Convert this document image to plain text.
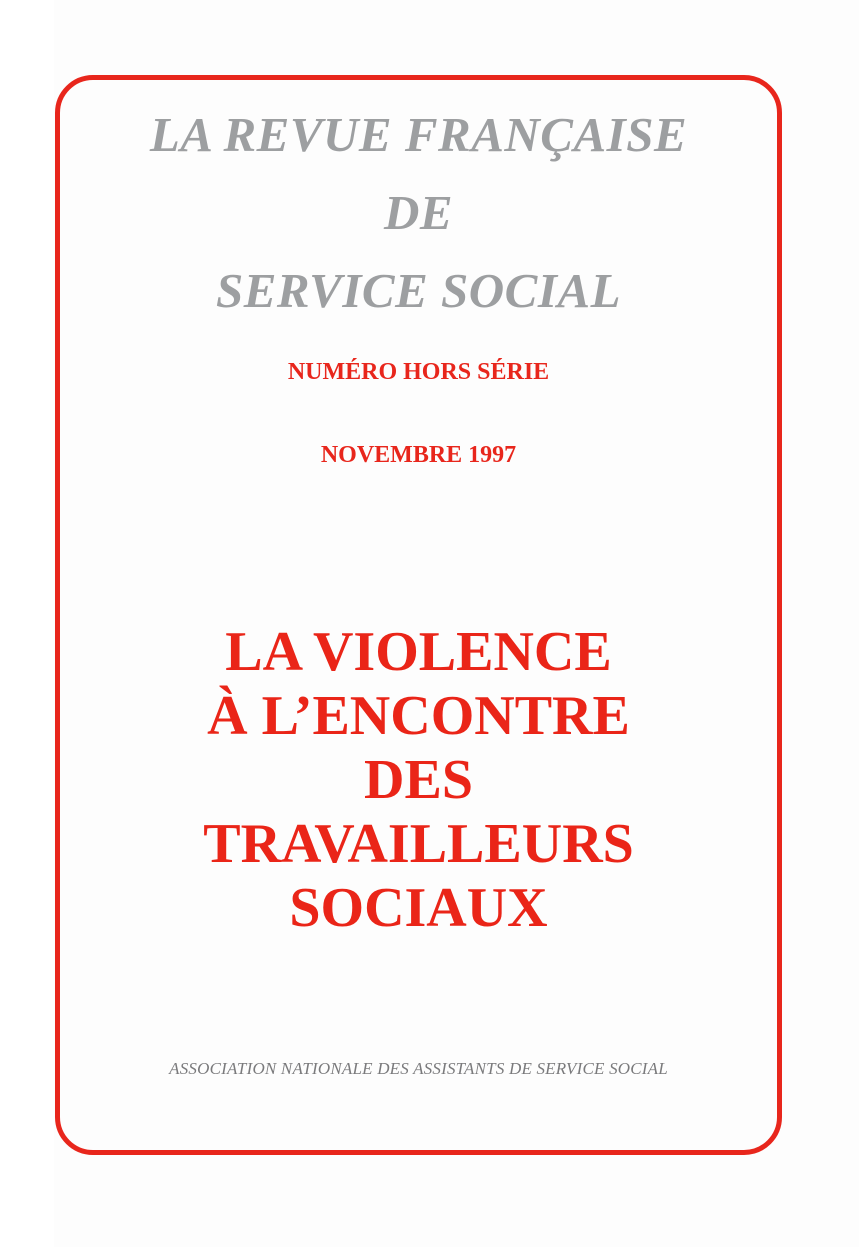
LA REVUE FRANÇAISE
DE
SERVICE SOCIAL

NUMÉRO HORS SÉRIE

NOVEMBRE 1997

LA VIOLENCE
À L’ENCONTRE
DES
TRAVAILLEURS
SOCIAUX

ASSOCIATION NATIONALE DES ASSISTANTS DE SERVICE SOCIAL
